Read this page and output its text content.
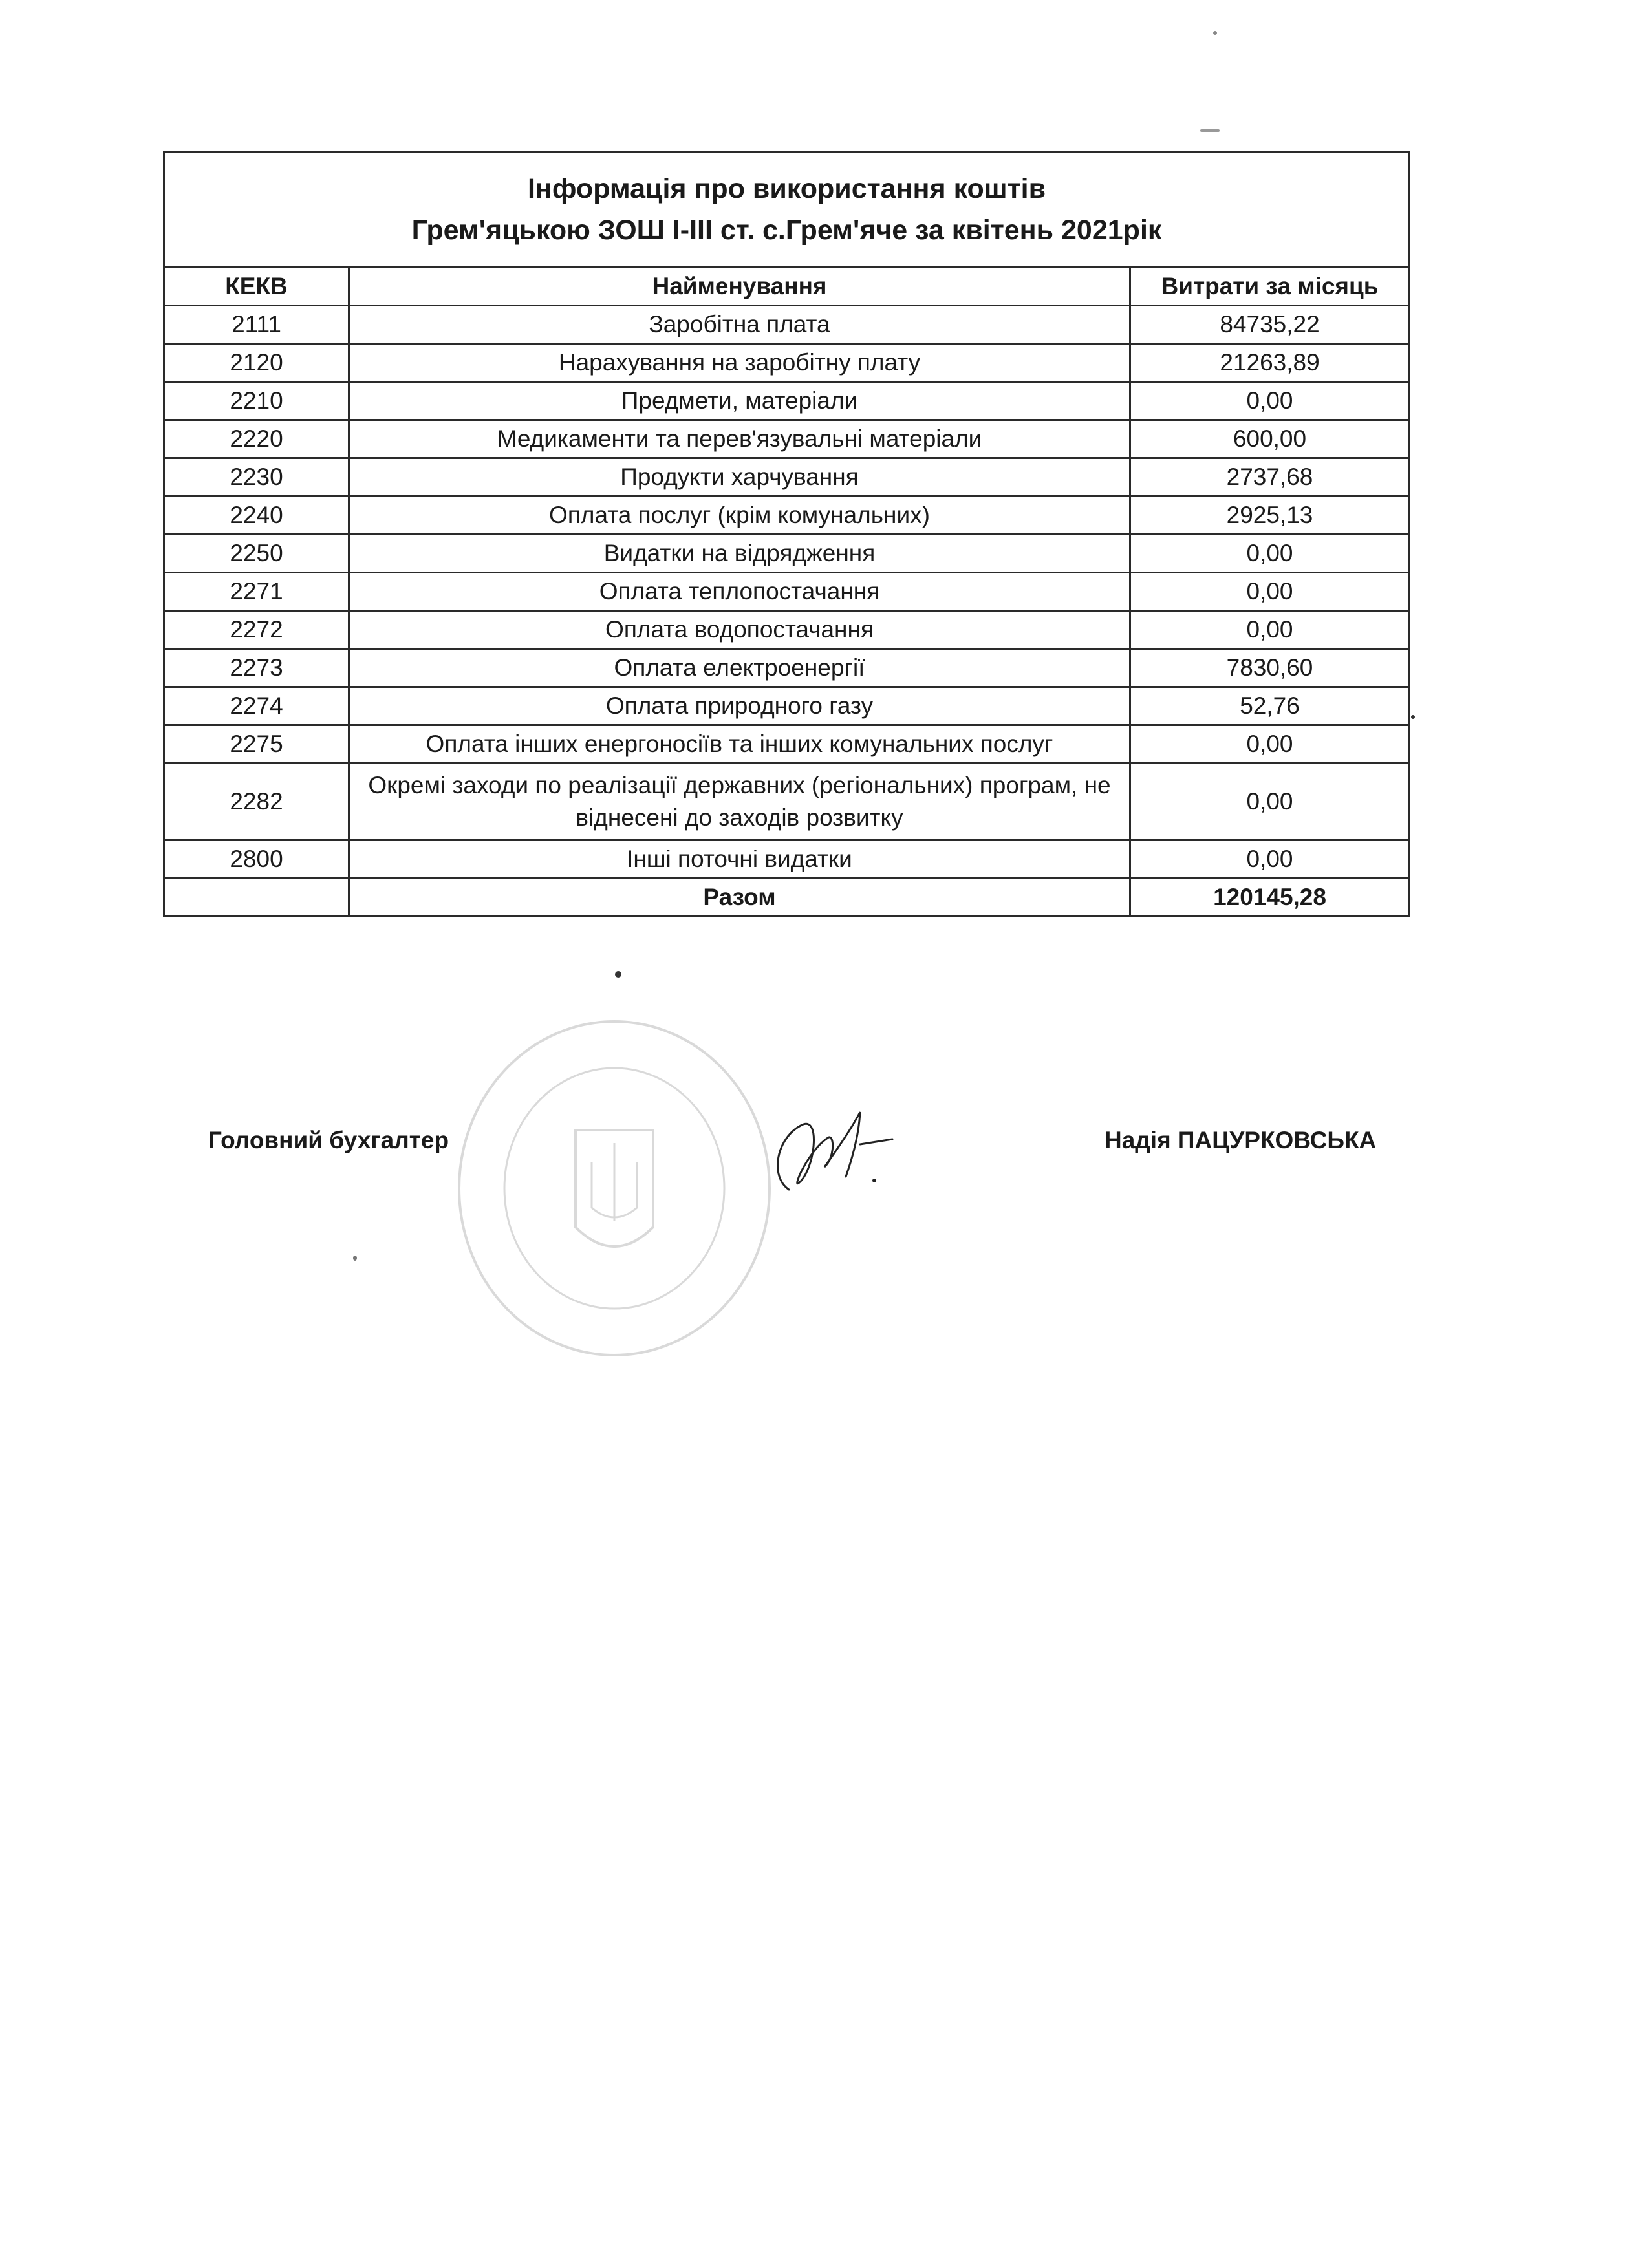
Інформація про використання коштів
Грем'яцькою ЗОШ І-ІІІ ст. с.Грем'яче за квітень 2021рік		

КЕКВ	Найменування	Витрати за місяць
2111	Заробітна плата	84735,22
2120	Нарахування на заробітну плату	21263,89
2210	Предмети, матеріали	0,00
2220	Медикаменти та перев'язувальні матеріали	600,00
2230	Продукти харчування	2737,68
2240	Оплата послуг (крім комунальних)	2925,13
2250	Видатки на відрядження	0,00
2271	Оплата теплопостачання	0,00
2272	Оплата водопостачання	0,00
2273	Оплата електроенергії	7830,60
2274	Оплата природного газу	52,76
2275	Оплата інших енергоносіїв та інших комунальних послуг	0,00
2282	Окремі заходи по реалізації державних (регіональних) програм, не віднесені до заходів розвитку	0,00
2800	Інші поточні видатки	0,00
	Разом	120145,28
Головний бухгалтер	Надія ПАЦУРКОВСЬКА
